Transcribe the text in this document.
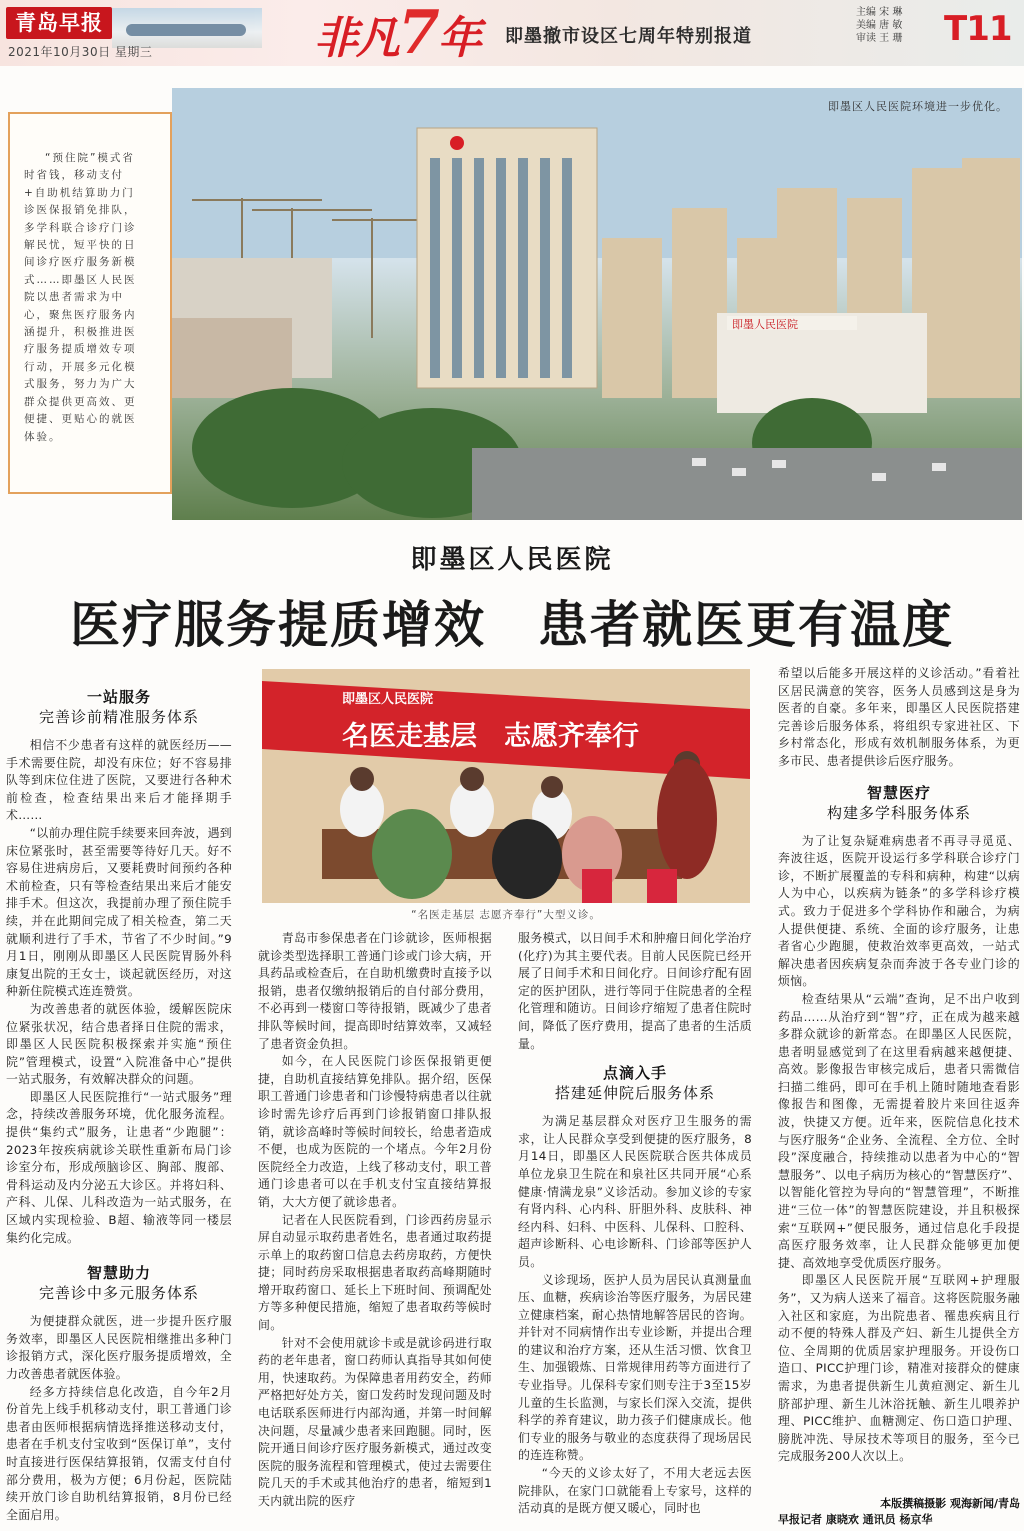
青岛早报
2021年10月30日 星期三	非凡7年 即墨撤市设区七周年特别报道
主编 宋 琳
美编 唐 敏
审读 王 珊	T11
“预住院”模式省时省钱，移动支付+自助机结算助力门诊医保报销免排队，多学科联合诊疗门诊解民忧，短平快的日间诊疗医疗服务新模式……即墨区人民医院以患者需求为中心，聚焦医疗服务内涵提升，积极推进医疗服务提质增效专项行动，开展多元化模式服务，努力为广大群众提供更高效、更便捷、更贴心的就医体验。
即墨人民医院
即墨区人民医院环境进一步优化。
即墨区人民医院
医疗服务提质增效　患者就医更有温度
一站服务
完善诊前精准服务体系

相信不少患者有这样的就医经历——手术需要住院，却没有床位；好不容易排队等到床位住进了医院，又要进行各种术前检查，检查结果出来后才能择期手术……

“以前办理住院手续要来回奔波，遇到床位紧张时，甚至需要等待好几天。好不容易住进病房后，又要耗费时间预约各种术前检查，只有等检查结果出来后才能安排手术。但这次，我提前办理了预住院手续，并在此期间完成了相关检查，第二天就顺利进行了手术，节省了不少时间。”9月1日，刚刚从即墨区人民医院胃肠外科康复出院的王女士，谈起就医经历，对这种新住院模式连连赞赏。

为改善患者的就医体验，缓解医院床位紧张状况，结合患者择日住院的需求，即墨区人民医院积极探索并实施“预住院”管理模式，设置“入院准备中心”提供一站式服务，有效解决群众的问题。

即墨区人民医院推行“一站式服务”理念，持续改善服务环境，优化服务流程。提供“集约式”服务，让患者“少跑腿”：2023年按疾病就诊关联性重新布局门诊诊室分布，形成颅脑诊区、胸部、腹部、骨科运动及内分泌五大诊区。并将妇科、产科、儿保、儿科改造为一站式服务，在区域内实现检验、B超、输液等同一楼层集约化完成。

智慧助力
完善诊中多元服务体系

为便捷群众就医，进一步提升医疗服务效率，即墨区人民医院相继推出多种门诊报销方式，深化医疗服务提质增效，全力改善患者就医体验。

经多方持续信息化改造，自今年2月份首先上线手机移动支付，职工普通门诊患者由医师根据病情选择推送移动支付，患者在手机支付宝收到“医保订单”，支付时直接进行医保结算报销，仅需支付自付部分费用，极为方便；6月份起，医院陆续开放门诊自助机结算报销，8月份已经全面启用。

即墨区人民医院
名医走基层　志愿齐奉行
“名医走基层 志愿齐奉行”大型义诊。

青岛市参保患者在门诊就诊，医师根据就诊类型选择职工普通门诊或门诊大病，开具药品或检查后，在自助机缴费时直接予以报销，患者仅缴纳报销后的自付部分费用，不必再到一楼窗口等待报销，既减少了患者排队等候时间，提高即时结算效率，又减轻了患者资金负担。

如今，在人民医院门诊医保报销更便捷，自助机直接结算免排队。据介绍，医保职工普通门诊患者和门诊慢特病患者以往就诊时需先诊疗后再到门诊报销窗口排队报销，就诊高峰时等候时间较长，给患者造成不便，也成为医院的一个堵点。今年2月份医院经全力改造，上线了移动支付，职工普通门诊患者可以在手机支付宝直接结算报销，大大方便了就诊患者。

记者在人民医院看到，门诊西药房显示屏自动显示取药患者姓名，患者通过取药提示单上的取药窗口信息去药房取药，方便快捷；同时药房采取根据患者取药高峰期随时增开取药窗口、延长上下班时间、预调配处方等多种便民措施，缩短了患者取药等候时间。

针对不会使用就诊卡或是就诊码进行取药的老年患者，窗口药师认真指导其如何使用，快速取药。为保障患者用药安全，药师严格把好处方关，窗口发药时发现问题及时电话联系医师进行内部沟通，并第一时间解决问题，尽量减少患者来回跑腿。同时，医院开通日间诊疗医疗服务新模式，通过改变医院的服务流程和管理模式，使过去需要住院几天的手术或其他治疗的患者，缩短到1天内就出院的医疗

服务模式，以日间手术和肿瘤日间化学治疗(化疗)为其主要代表。目前人民医院已经开展了日间手术和日间化疗。日间诊疗配有固定的医护团队，进行等同于住院患者的全程化管理和随访。日间诊疗缩短了患者住院时间，降低了医疗费用，提高了患者的生活质量。

点滴入手
搭建延伸院后服务体系

为满足基层群众对医疗卫生服务的需求，让人民群众享受到便捷的医疗服务，8月14日，即墨区人民医院联合医共体成员单位龙泉卫生院在和泉社区共同开展“心系健康·情满龙泉”义诊活动。参加义诊的专家有肾内科、心内科、肝胆外科、皮肤科、神经内科、妇科、中医科、儿保科、口腔科、超声诊断科、心电诊断科、门诊部等医护人员。

义诊现场，医护人员为居民认真测量血压、血糖，疾病诊治等医疗服务，为居民建立健康档案，耐心热情地解答居民的咨询。并针对不同病情作出专业诊断，并提出合理的建议和治疗方案，还从生活习惯、饮食卫生、加强锻炼、日常规律用药等方面进行了专业指导。儿保科专家们则专注于3至15岁儿童的生长监测，与家长们深入交流，提供科学的养育建议，助力孩子们健康成长。他们专业的服务与敬业的态度获得了现场居民的连连称赞。

“今天的义诊太好了，不用大老远去医院排队，在家门口就能看上专家号，这样的活动真的是既方便又暖心，同时也

希望以后能多开展这样的义诊活动。”看着社区居民满意的笑容，医务人员感到这是身为医者的自豪。多年来，即墨区人民医院搭建完善诊后服务体系，将组织专家进社区、下乡村常态化，形成有效机制服务体系，为更多市民、患者提供诊后医疗服务。

智慧医疗
构建多学科服务体系

为了让复杂疑难病患者不再寻寻觅觅、奔波往返，医院开设运行多学科联合诊疗门诊，不断扩展覆盖的专科和病种，构建“以病人为中心，以疾病为链条”的多学科诊疗模式。致力于促进多个学科协作和融合，为病人提供便捷、系统、全面的诊疗服务，让患者省心少跑腿，使救治效率更高效，一站式解决患者因疾病复杂而奔波于各专业门诊的烦恼。

检查结果从“云端”查询，足不出户收到药品……从治疗到“智”疗，正在成为越来越多群众就诊的新常态。在即墨区人民医院，患者明显感觉到了在这里看病越来越便捷、高效。影像报告审核完成后，患者只需微信扫描二维码，即可在手机上随时随地查看影像报告和图像，无需提着胶片来回往返奔波，快捷又方便。近年来，医院信息化技术与医疗服务“企业务、全流程、全方位、全时段”深度融合，持续推动以患者为中心的“智慧服务”、以电子病历为核心的“智慧医疗”、以智能化管控为导向的“智慧管理”，不断推进“三位一体”的智慧医院建设，并且积极探索“互联网+”便民服务，通过信息化手段提高医疗服务效率，让人民群众能够更加便捷、高效地享受优质医疗服务。

即墨区人民医院开展“互联网+护理服务”，又为病人送来了福音。这将医院服务融入社区和家庭，为出院患者、罹患疾病且行动不便的特殊人群及产妇、新生儿提供全方位、全周期的优质居家护理服务。开设伤口造口、PICC护理门诊，精准对接群众的健康需求，为患者提供新生儿黄疸测定、新生儿脐部护理、新生儿沐浴抚触、新生儿喂养护理、PICC维护、血糖测定、伤口造口护理、膀胱冲洗、导尿技术等项目的服务，至今已完成服务200人次以上。

本版撰稿摄影 观海新闻/青岛
早报记者 康晓欢 通讯员 杨京华
